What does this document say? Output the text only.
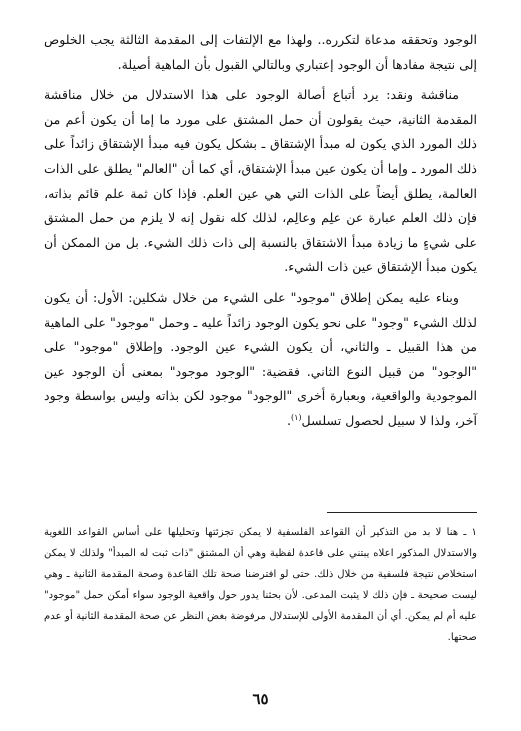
الوجود وتحققه مدعاة لتكرره.. ولهذا مع الإلتفات إلى المقدمة الثالثة يجب الخلوص إلى نتيجة مفادها أن الوجود إعتباري وبالتالي القبول بأن الماهية أصيلة.

مناقشة ونقد: يرد أتباع أصالة الوجود على هذا الاستدلال من خلال مناقشة المقدمة الثانية، حيث يقولون أن حمل المشتق على مورد ما إما أن يكون أعم من ذلك المورد الذي يكون له مبدأ الإشتقاق ـ بشكل يكون فيه مبدأ الإشتقاق زائداً على ذلك المورد ـ وإما أن يكون عين مبدأ الإشتقاق، أي كما أن "العالم" يطلق على الذات العالمة، يطلق أيضاً على الذات التي هي عين العلم. فإذا كان ثمة علم قائم بذاته، فإن ذلك العلم عبارة عن علِم وعالِم، لذلك كله نقول إنه لا يلزم من حمل المشتق على شيءٍ ما زيادة مبدأ الاشتقاق بالنسبة إلى ذات ذلك الشيء. بل من الممكن أن يكون مبدأ الإشتقاق عين ذات الشيء.

وبناء عليه يمكن إطلاق "موجود" على الشيء من خلال شكلين: الأول: أن يكون لذلك الشيء "وجود" على نحو يكون الوجود زائداً عليه ـ وحمل "موجود" على الماهية من هذا القبيل ـ والثاني، أن يكون الشيء عين الوجود. وإطلاق "موجود" على "الوجود" من قبيل النوع الثاني. فقضية: "الوجود موجود" بمعنى أن الوجود عين الموجودية والواقعية، وبعبارة أخرى "الوجود" موجود لكن بذاته وليس بواسطة وجود آخر، ولذا لا سبيل لحصول تسلسل$^{(١)}$.

١ ـ هنا لا بد من التذكير أن القواعد الفلسفية لا يمكن تجزئتها وتحليلها على أساس القواعد اللغوية والاستدلال المذكور اعلاه يبتني على قاعدة لفظية وهي أن المشتق "ذات ثبت له المبدأ" ولذلك لا يمكن استخلاص نتيجة فلسفية من خلال ذلك. حتى لو افترضنا صحة تلك القاعدة وصحة المقدمة الثانية ـ وهي ليست صحيحة ـ فإن ذلك لا يثبت المدعى. لأن بحثنا يدور حول واقعية الوجود سواء أمكن حمل "موجود" عليه أم لم يمكن. أي أن المقدمة الأولى للإستدلال مرفوضة بغض النظر عن صحة المقدمة الثانية أو عدم صحتها.

٦٥
